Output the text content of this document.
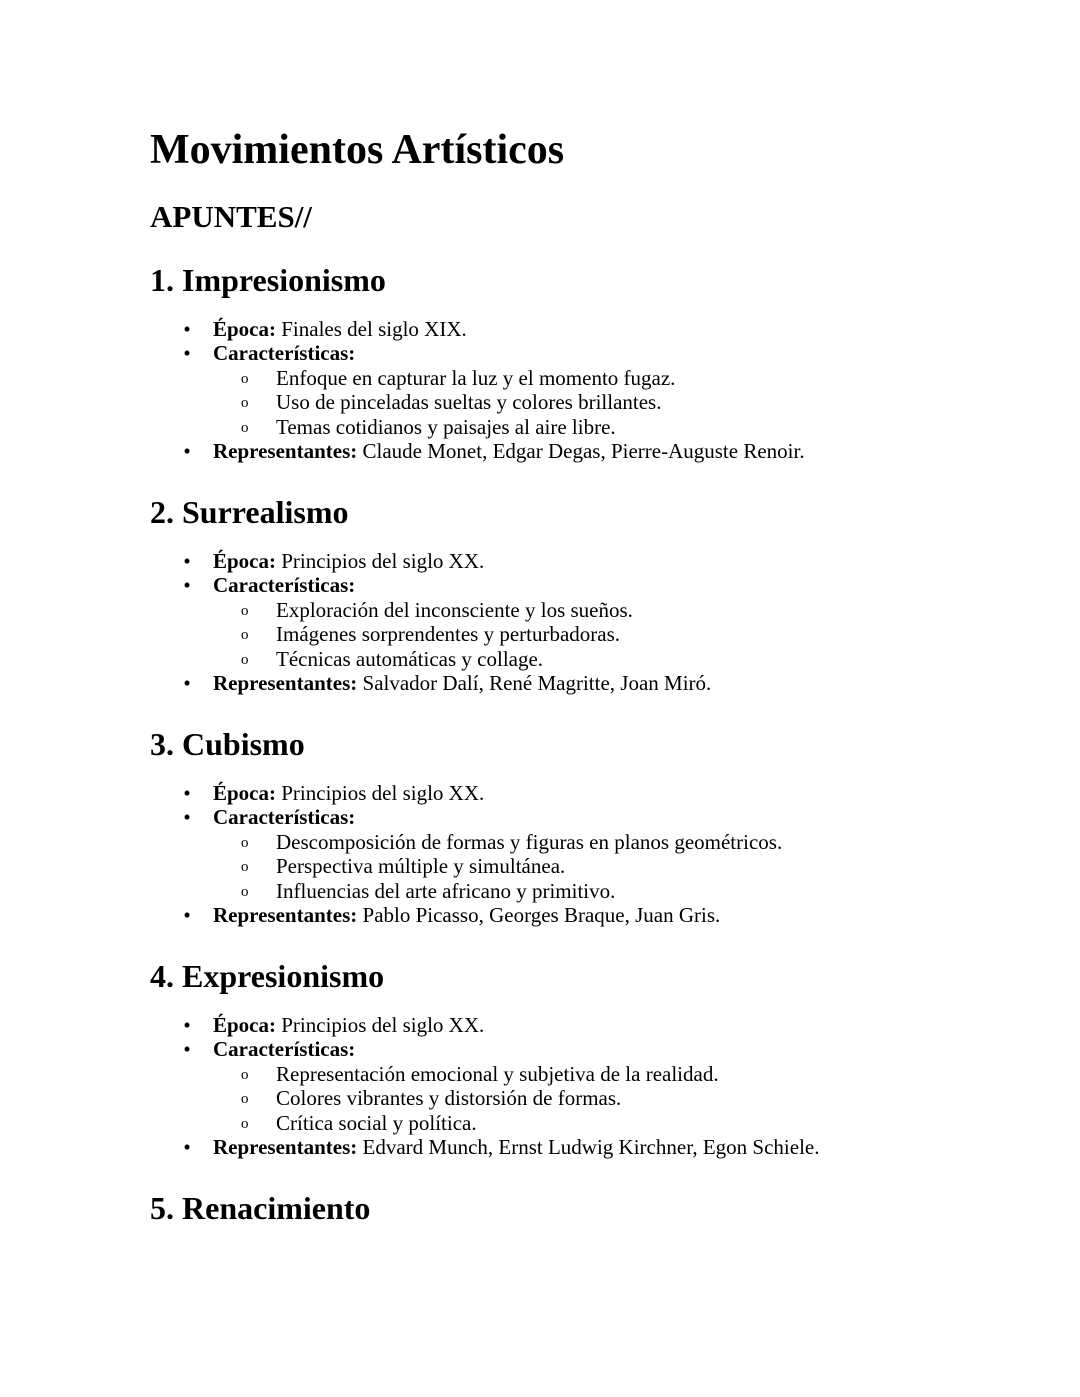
Movimientos Artísticos
APUNTES//
1. Impresionismo
• Época: Finales del siglo XIX.
• Características:
o Enfoque en capturar la luz y el momento fugaz.
o Uso de pinceladas sueltas y colores brillantes.
o Temas cotidianos y paisajes al aire libre.
• Representantes: Claude Monet, Edgar Degas, Pierre-Auguste Renoir.
2. Surrealismo
• Época: Principios del siglo XX.
• Características:
o Exploración del inconsciente y los sueños.
o Imágenes sorprendentes y perturbadoras.
o Técnicas automáticas y collage.
• Representantes: Salvador Dalí, René Magritte, Joan Miró.
3. Cubismo
• Época: Principios del siglo XX.
• Características:
o Descomposición de formas y figuras en planos geométricos.
o Perspectiva múltiple y simultánea.
o Influencias del arte africano y primitivo.
• Representantes: Pablo Picasso, Georges Braque, Juan Gris.
4. Expresionismo
• Época: Principios del siglo XX.
• Características:
o Representación emocional y subjetiva de la realidad.
o Colores vibrantes y distorsión de formas.
o Crítica social y política.
• Representantes: Edvard Munch, Ernst Ludwig Kirchner, Egon Schiele.
5. Renacimiento
